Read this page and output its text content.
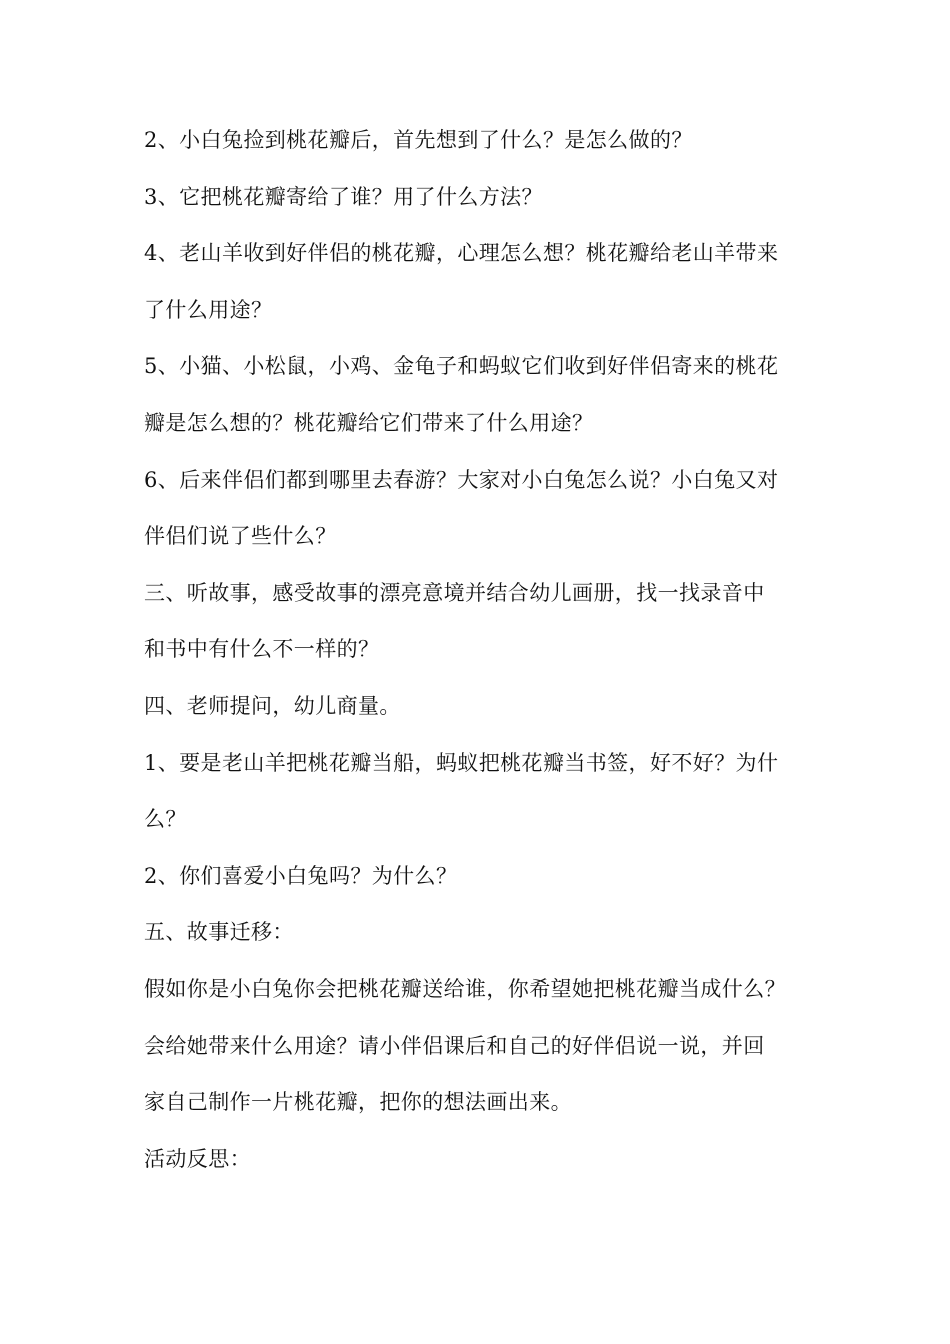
2、小白兔捡到桃花瓣后，首先想到了什么？是怎么做的？

3、它把桃花瓣寄给了谁？用了什么方法？

4、老山羊收到好伴侣的桃花瓣，心理怎么想？桃花瓣给老山羊带来

了什么用途？

5、小猫、小松鼠，小鸡、金龟子和蚂蚁它们收到好伴侣寄来的桃花

瓣是怎么想的？桃花瓣给它们带来了什么用途？

6、后来伴侣们都到哪里去春游？大家对小白兔怎么说？小白兔又对

伴侣们说了些什么？

三、听故事，感受故事的漂亮意境并结合幼儿画册，找一找录音中

和书中有什么不一样的？

四、老师提问，幼儿商量。

1、要是老山羊把桃花瓣当船，蚂蚁把桃花瓣当书签，好不好？为什

么？

2、你们喜爱小白兔吗？为什么？

五、故事迁移：

假如你是小白兔你会把桃花瓣送给谁，你希望她把桃花瓣当成什么？

会给她带来什么用途？请小伴侣课后和自己的好伴侣说一说，并回

家自己制作一片桃花瓣，把你的想法画出来。

活动反思：
